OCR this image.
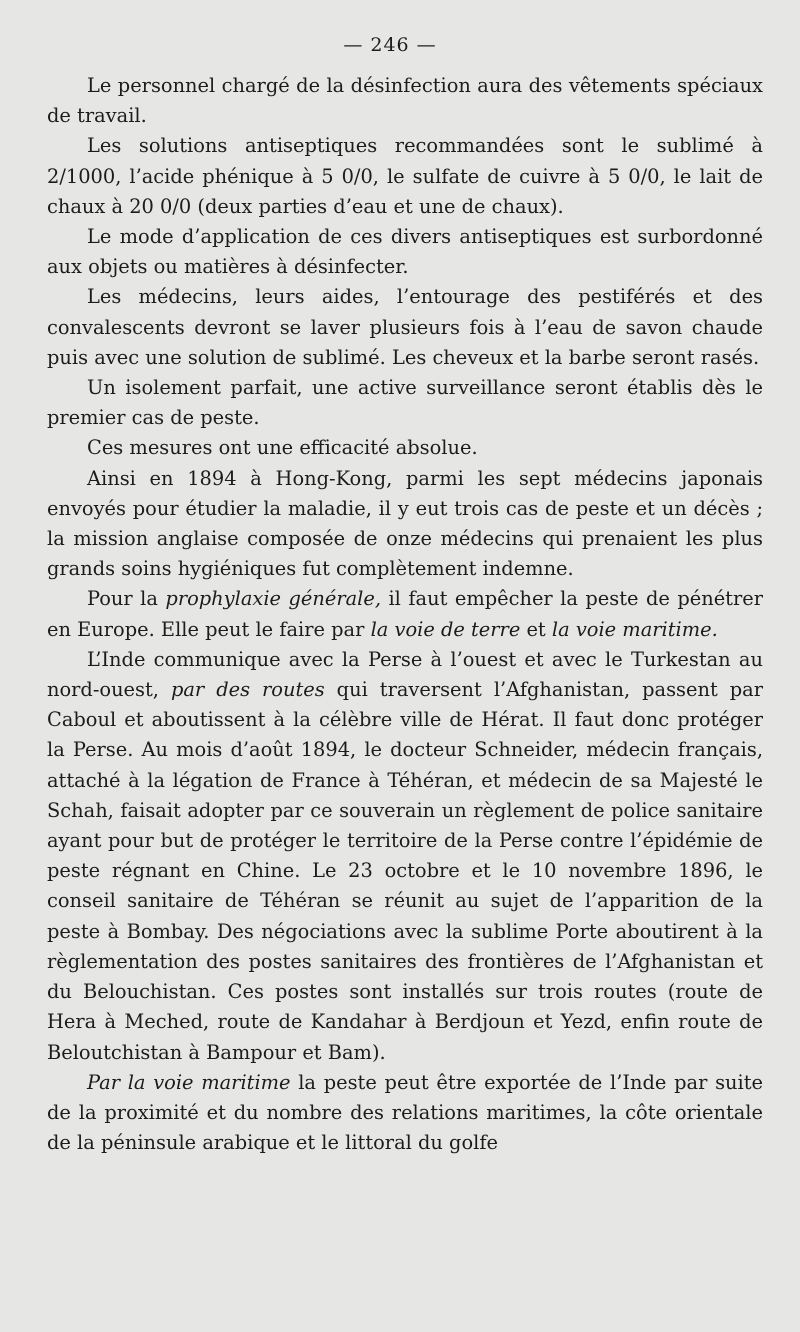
— 246 —

Le personnel chargé de la désinfection aura des vêtements spéciaux de travail.

Les solutions antiseptiques recommandées sont le sublimé à 2/1000, l’acide phénique à 5 0/0, le sulfate de cuivre à 5 0/0, le lait de chaux à 20 0/0 (deux parties d’eau et une de chaux).

Le mode d’application de ces divers antiseptiques est surbordonné aux objets ou matières à désinfecter.

Les médecins, leurs aides, l’entourage des pestiférés et des convalescents devront se laver plusieurs fois à l’eau de savon chaude puis avec une solution de sublimé. Les cheveux et la barbe seront rasés.

Un isolement parfait, une active surveillance seront établis dès le premier cas de peste.

Ces mesures ont une efficacité absolue.

Ainsi en 1894 à Hong-Kong, parmi les sept médecins japonais envoyés pour étudier la maladie, il y eut trois cas de peste et un décès ; la mission anglaise composée de onze médecins qui prenaient les plus grands soins hygiéniques fut complètement indemne.

Pour la prophylaxie générale, il faut empêcher la peste de pénétrer en Europe. Elle peut le faire par la voie de terre et la voie maritime.

L’Inde communique avec la Perse à l’ouest et avec le Turkestan au nord-ouest, par des routes qui traversent l’Afghanistan, passent par Caboul et aboutissent à la célèbre ville de Hérat. Il faut donc protéger la Perse. Au mois d’août 1894, le docteur Schneider, médecin français, attaché à la légation de France à Téhéran, et médecin de sa Majesté le Schah, faisait adopter par ce souverain un règlement de police sanitaire ayant pour but de protéger le territoire de la Perse contre l’épidémie de peste régnant en Chine. Le 23 octobre et le 10 novembre 1896, le conseil sanitaire de Téhéran se réunit au sujet de l’apparition de la peste à Bombay. Des négociations avec la sublime Porte aboutirent à la règlementation des postes sanitaires des frontières de l’Afghanistan et du Belouchistan. Ces postes sont installés sur trois routes (route de Hera à Meched, route de Kandahar à Berdjoun et Yezd, enfin route de Beloutchistan à Bampour et Bam).

Par la voie maritime la peste peut être exportée de l’Inde par suite de la proximité et du nombre des relations maritimes, la côte orientale de la péninsule arabique et le littoral du golfe
